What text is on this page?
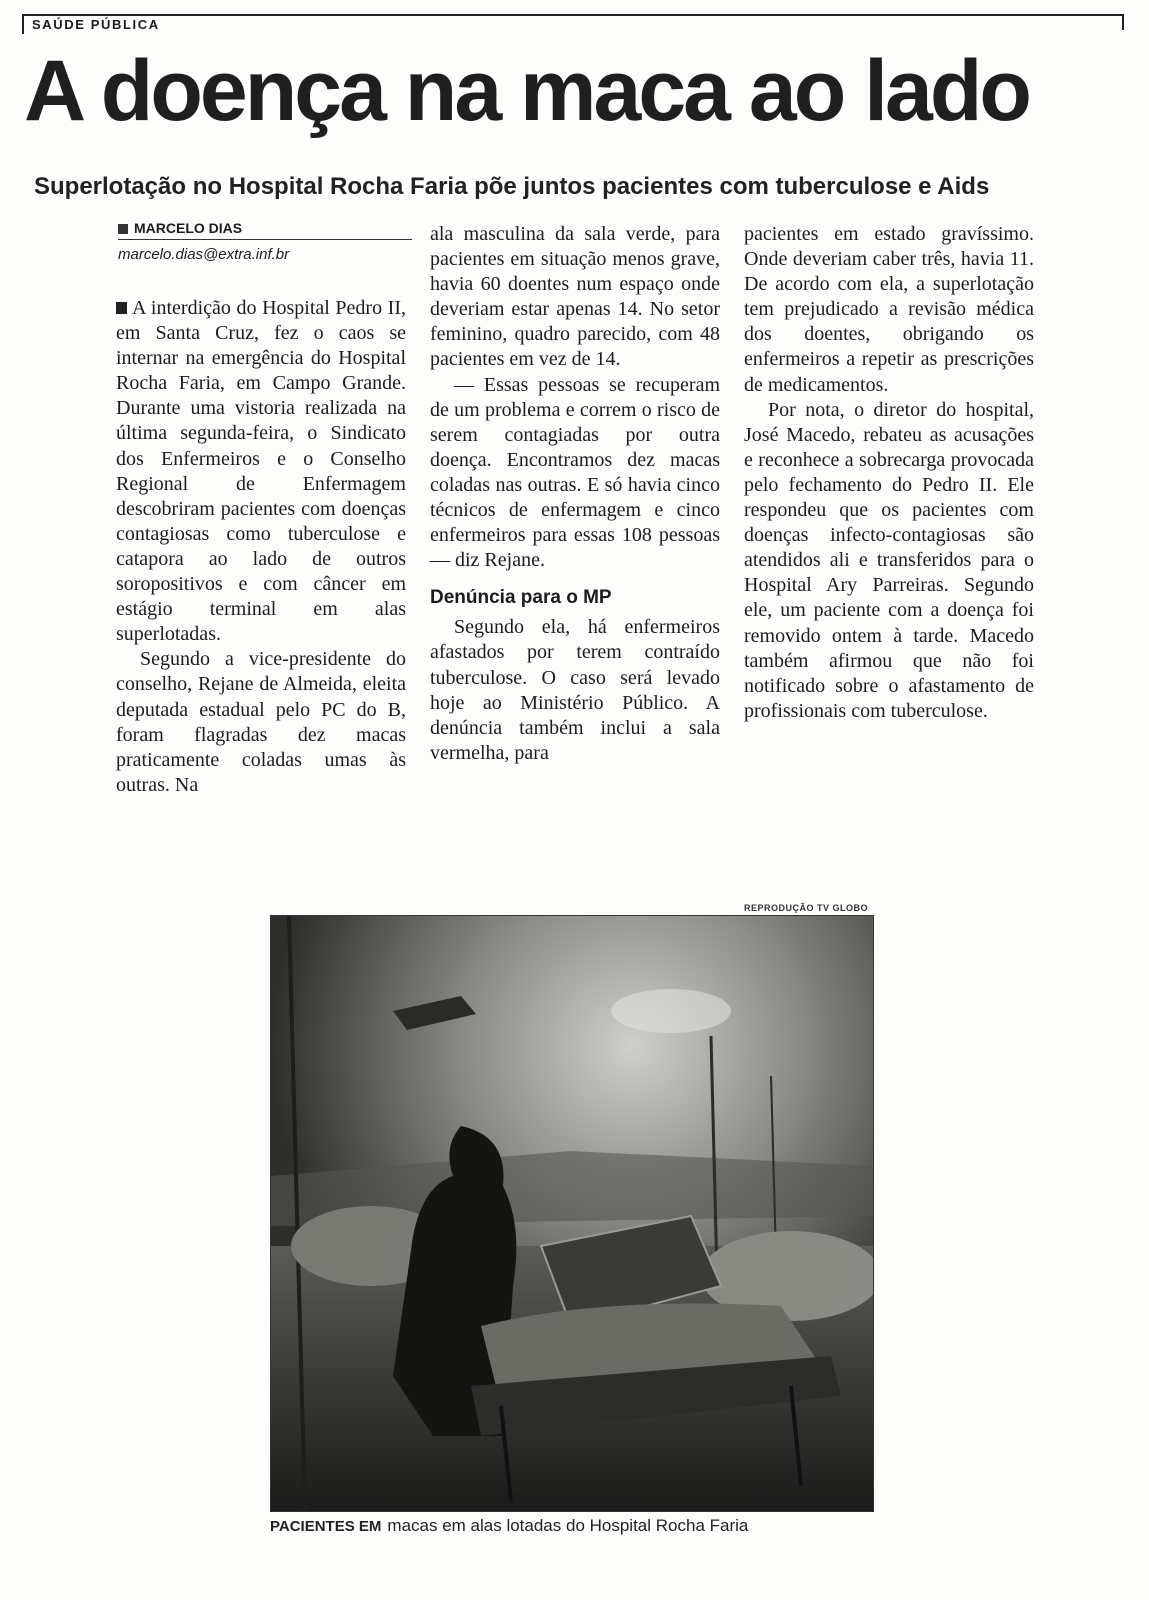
SAÚDE PÚBLICA
A doença na maca ao lado
Superlotação no Hospital Rocha Faria põe juntos pacientes com tuberculose e Aids
MARCELO DIAS
marcelo.dias@extra.inf.br

A interdição do Hospital Pedro II, em Santa Cruz, fez o caos se internar na emergência do Hospital Rocha Faria, em Campo Grande. Durante uma vistoria realizada na última segunda-feira, o Sindicato dos Enfermeiros e o Conselho Regional de Enfermagem descobriram pacientes com doenças contagiosas como tuberculose e catapora ao lado de outros soropositivos e com câncer em estágio terminal em alas superlotadas.

Segundo a vice-presidente do conselho, Rejane de Almeida, eleita deputada estadual pelo PC do B, foram flagradas dez macas praticamente coladas umas às outras. Na

ala masculina da sala verde, para pacientes em situação menos grave, havia 60 doentes num espaço onde deveriam estar apenas 14. No setor feminino, quadro parecido, com 48 pacientes em vez de 14.

— Essas pessoas se recuperam de um problema e correm o risco de serem contagiadas por outra doença. Encontramos dez macas coladas nas outras. E só havia cinco técnicos de enfermagem e cinco enfermeiros para essas 108 pessoas — diz Rejane.

Denúncia para o MP

Segundo ela, há enfermeiros afastados por terem contraído tuberculose. O caso será levado hoje ao Ministério Público. A denúncia também inclui a sala vermelha, para

pacientes em estado gravíssimo. Onde deveriam caber três, havia 11. De acordo com ela, a superlotação tem prejudicado a revisão médica dos doentes, obrigando os enfermeiros a repetir as prescrições de medicamentos.

Por nota, o diretor do hospital, José Macedo, rebateu as acusações e reconhece a sobrecarga provocada pelo fechamento do Pedro II. Ele respondeu que os pacientes com doenças infecto-contagiosas são atendidos ali e transferidos para o Hospital Ary Parreiras. Segundo ele, um paciente com a doença foi removido ontem à tarde. Macedo também afirmou que não foi notificado sobre o afastamento de profissionais com tuberculose.

REPRODUÇÃO TV GLOBO
PACIENTES EM macas em alas lotadas do Hospital Rocha Faria
